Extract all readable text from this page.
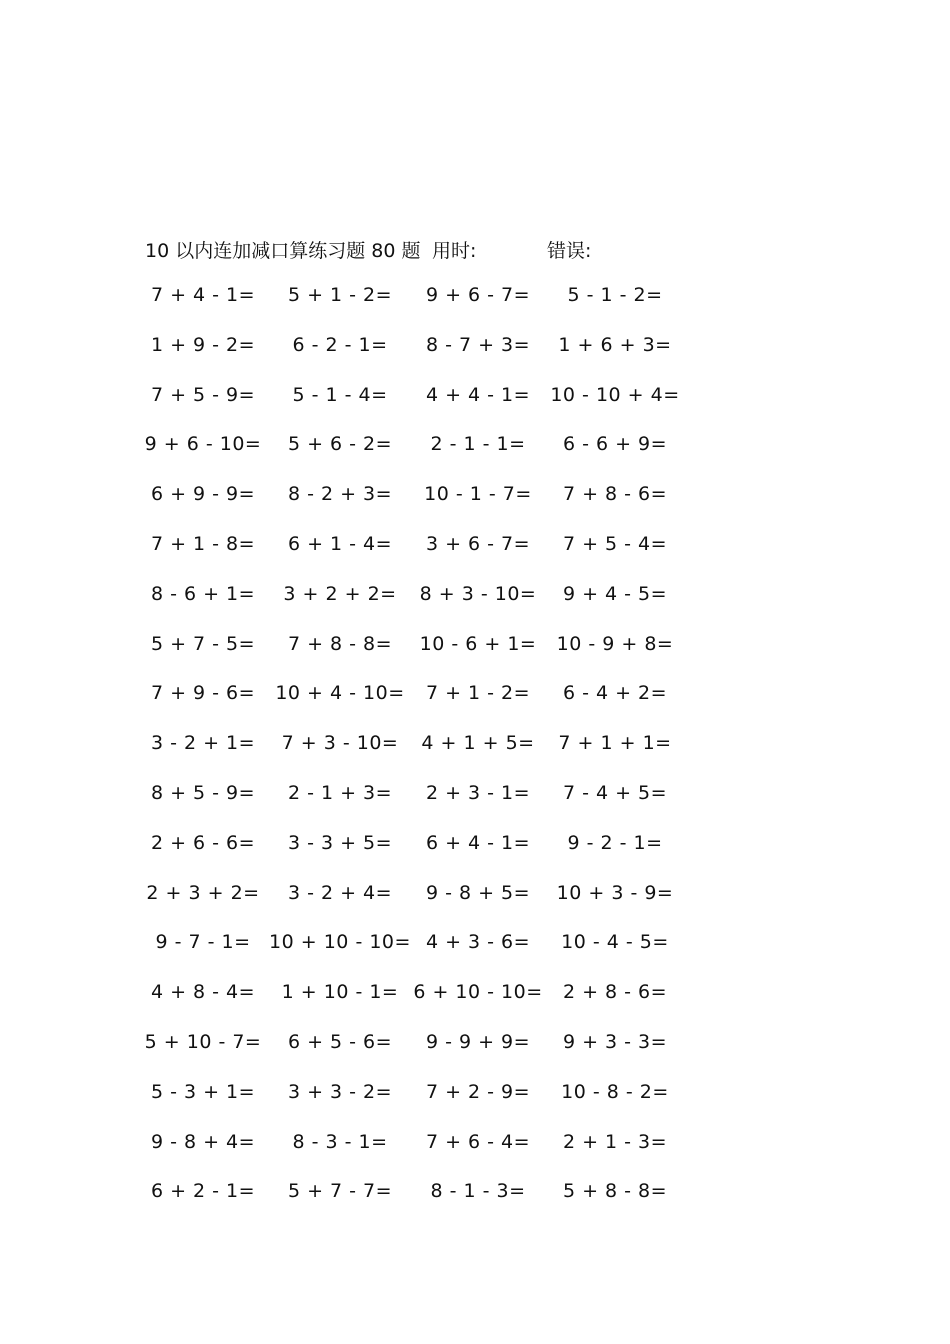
10 以内连加减口算练习题 80 题 用时:	错误:
7 + 4 - 1=	5 + 1 - 2=	9 + 6 - 7=	5 - 1 - 2=
1 + 9 - 2=	6 - 2 - 1=	8 - 7 + 3=	1 + 6 + 3=
7 + 5 - 9=	5 - 1 - 4=	4 + 4 - 1=	10 - 10 + 4=
9 + 6 - 10=	5 + 6 - 2=	2 - 1 - 1=	6 - 6 + 9=
6 + 9 - 9=	8 - 2 + 3=	10 - 1 - 7=	7 + 8 - 6=
7 + 1 - 8=	6 + 1 - 4=	3 + 6 - 7=	7 + 5 - 4=
8 - 6 + 1=	3 + 2 + 2=	8 + 3 - 10=	9 + 4 - 5=
5 + 7 - 5=	7 + 8 - 8=	10 - 6 + 1=	10 - 9 + 8=
7 + 9 - 6=	10 + 4 - 10=	7 + 1 - 2=	6 - 4 + 2=
3 - 2 + 1=	7 + 3 - 10=	4 + 1 + 5=	7 + 1 + 1=
8 + 5 - 9=	2 - 1 + 3=	2 + 3 - 1=	7 - 4 + 5=
2 + 6 - 6=	3 - 3 + 5=	6 + 4 - 1=	9 - 2 - 1=
2 + 3 + 2=	3 - 2 + 4=	9 - 8 + 5=	10 + 3 - 9=
9 - 7 - 1= 10 + 10 - 10= 4 + 3 - 6=	10 - 4 - 5=
4 + 8 - 4=	1 + 10 - 1= 6 + 10 - 10=	2 + 8 - 6=
5 + 10 - 7=	6 + 5 - 6=	9 - 9 + 9=	9 + 3 - 3=
5 - 3 + 1=	3 + 3 - 2=	7 + 2 - 9=	10 - 8 - 2=
9 - 8 + 4=	8 - 3 - 1=	7 + 6 - 4=	2 + 1 - 3=
6 + 2 - 1=	5 + 7 - 7=	8 - 1 - 3=	5 + 8 - 8=
